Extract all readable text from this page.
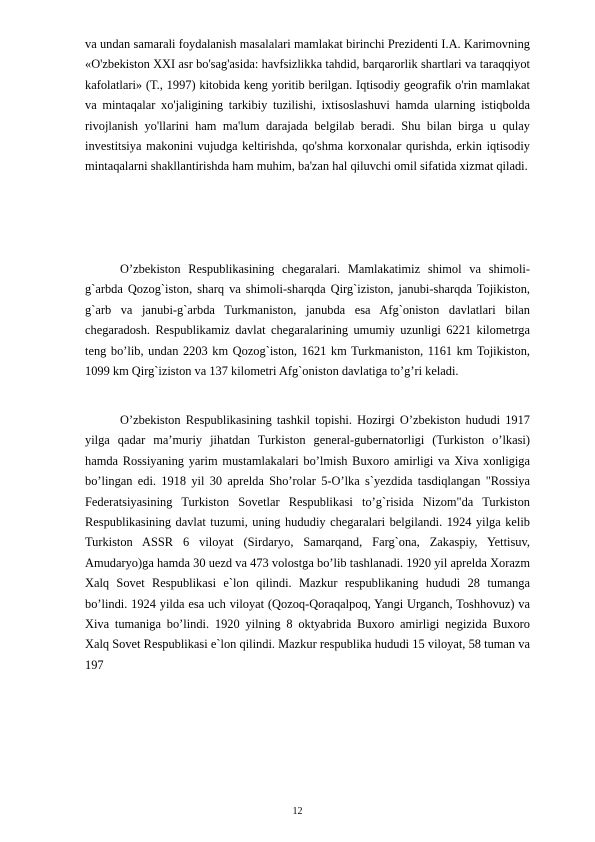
va undan samarali foydalanish masalalari mamlakat birinchi Prezidenti I.A. Karimovning «O'zbekiston XXI asr bo'sag'asida: havfsizlikka tahdid, barqarorlik shartlari va taraqqiyot kafolatlari» (T., 1997) kitobida keng yoritib berilgan. Iqtisodiy geografik o'rin mamlakat va mintaqalar xo'jaligining tarkibiy tuzilishi, ixtisoslashuvi hamda ularning istiqbolda rivojlanish yo'llarini ham ma'lum darajada belgilab beradi. Shu bilan birga u qulay investitsiya makonini vujudga keltirishda, qo'shma korxonalar qurishda, erkin iqtisodiy mintaqalarni shakllantirishda ham muhim, ba'zan hal qiluvchi omil sifatida xizmat qiladi.

O’zbekiston Respublikasining chegaralari. Mamlakatimiz shimol va shimoli-g`arbda Qozog`iston, sharq va shimoli-sharqda Qirg`iziston, janubi-sharqda Tojikiston, g`arb va janubi-g`arbda Turkmaniston, janubda esa Afg`oniston davlatlari bilan chegaradosh. Respublikamiz davlat chegaralarining umumiy uzunligi 6221 kilometrga teng bo’lib, undan 2203 km Qozog`iston, 1621 km Turkmaniston, 1161 km Tojikiston, 1099 km Qirg`iziston va 137 kilometri Afg`oniston davlatiga to’g’ri keladi.

O’zbekiston Respublikasining tashkil topishi. Hozirgi O’zbekiston hududi 1917 yilga qadar ma’muriy jihatdan Turkiston general-gubernatorligi (Turkiston o’lkasi) hamda Rossiyaning yarim mustamlakalari bo’lmish Buxoro amirligi va Xiva xonligiga bo’lingan edi. 1918 yil 30 aprelda Sho’rolar 5-O’lka s`yezdida tasdiqlangan "Rossiya Federatsiyasining Turkiston Sovetlar Respublikasi to’g`risida Nizom"da Turkiston Respublikasining davlat tuzumi, uning hududiy chegaralari belgilandi. 1924 yilga kelib Turkiston ASSR 6 viloyat (Sirdaryo, Samarqand, Farg`ona, Zakaspiy, Yettisuv, Amudaryo)ga hamda 30 uezd va 473 volostga bo’lib tashlanadi. 1920 yil aprelda Xorazm Xalq Sovet Respublikasi e`lon qilindi. Mazkur respublikaning hududi 28 tumanga bo’lindi. 1924 yilda esa uch viloyat (Qozoq-Qoraqalpoq, Yangi Urganch, Toshhovuz) va Xiva tumaniga bo’lindi. 1920 yilning 8 oktyabrida Buxoro amirligi negizida Buxoro Xalq Sovet Respublikasi e`lon qilindi. Mazkur respublika hududi 15 viloyat, 58 tuman va 197

12
